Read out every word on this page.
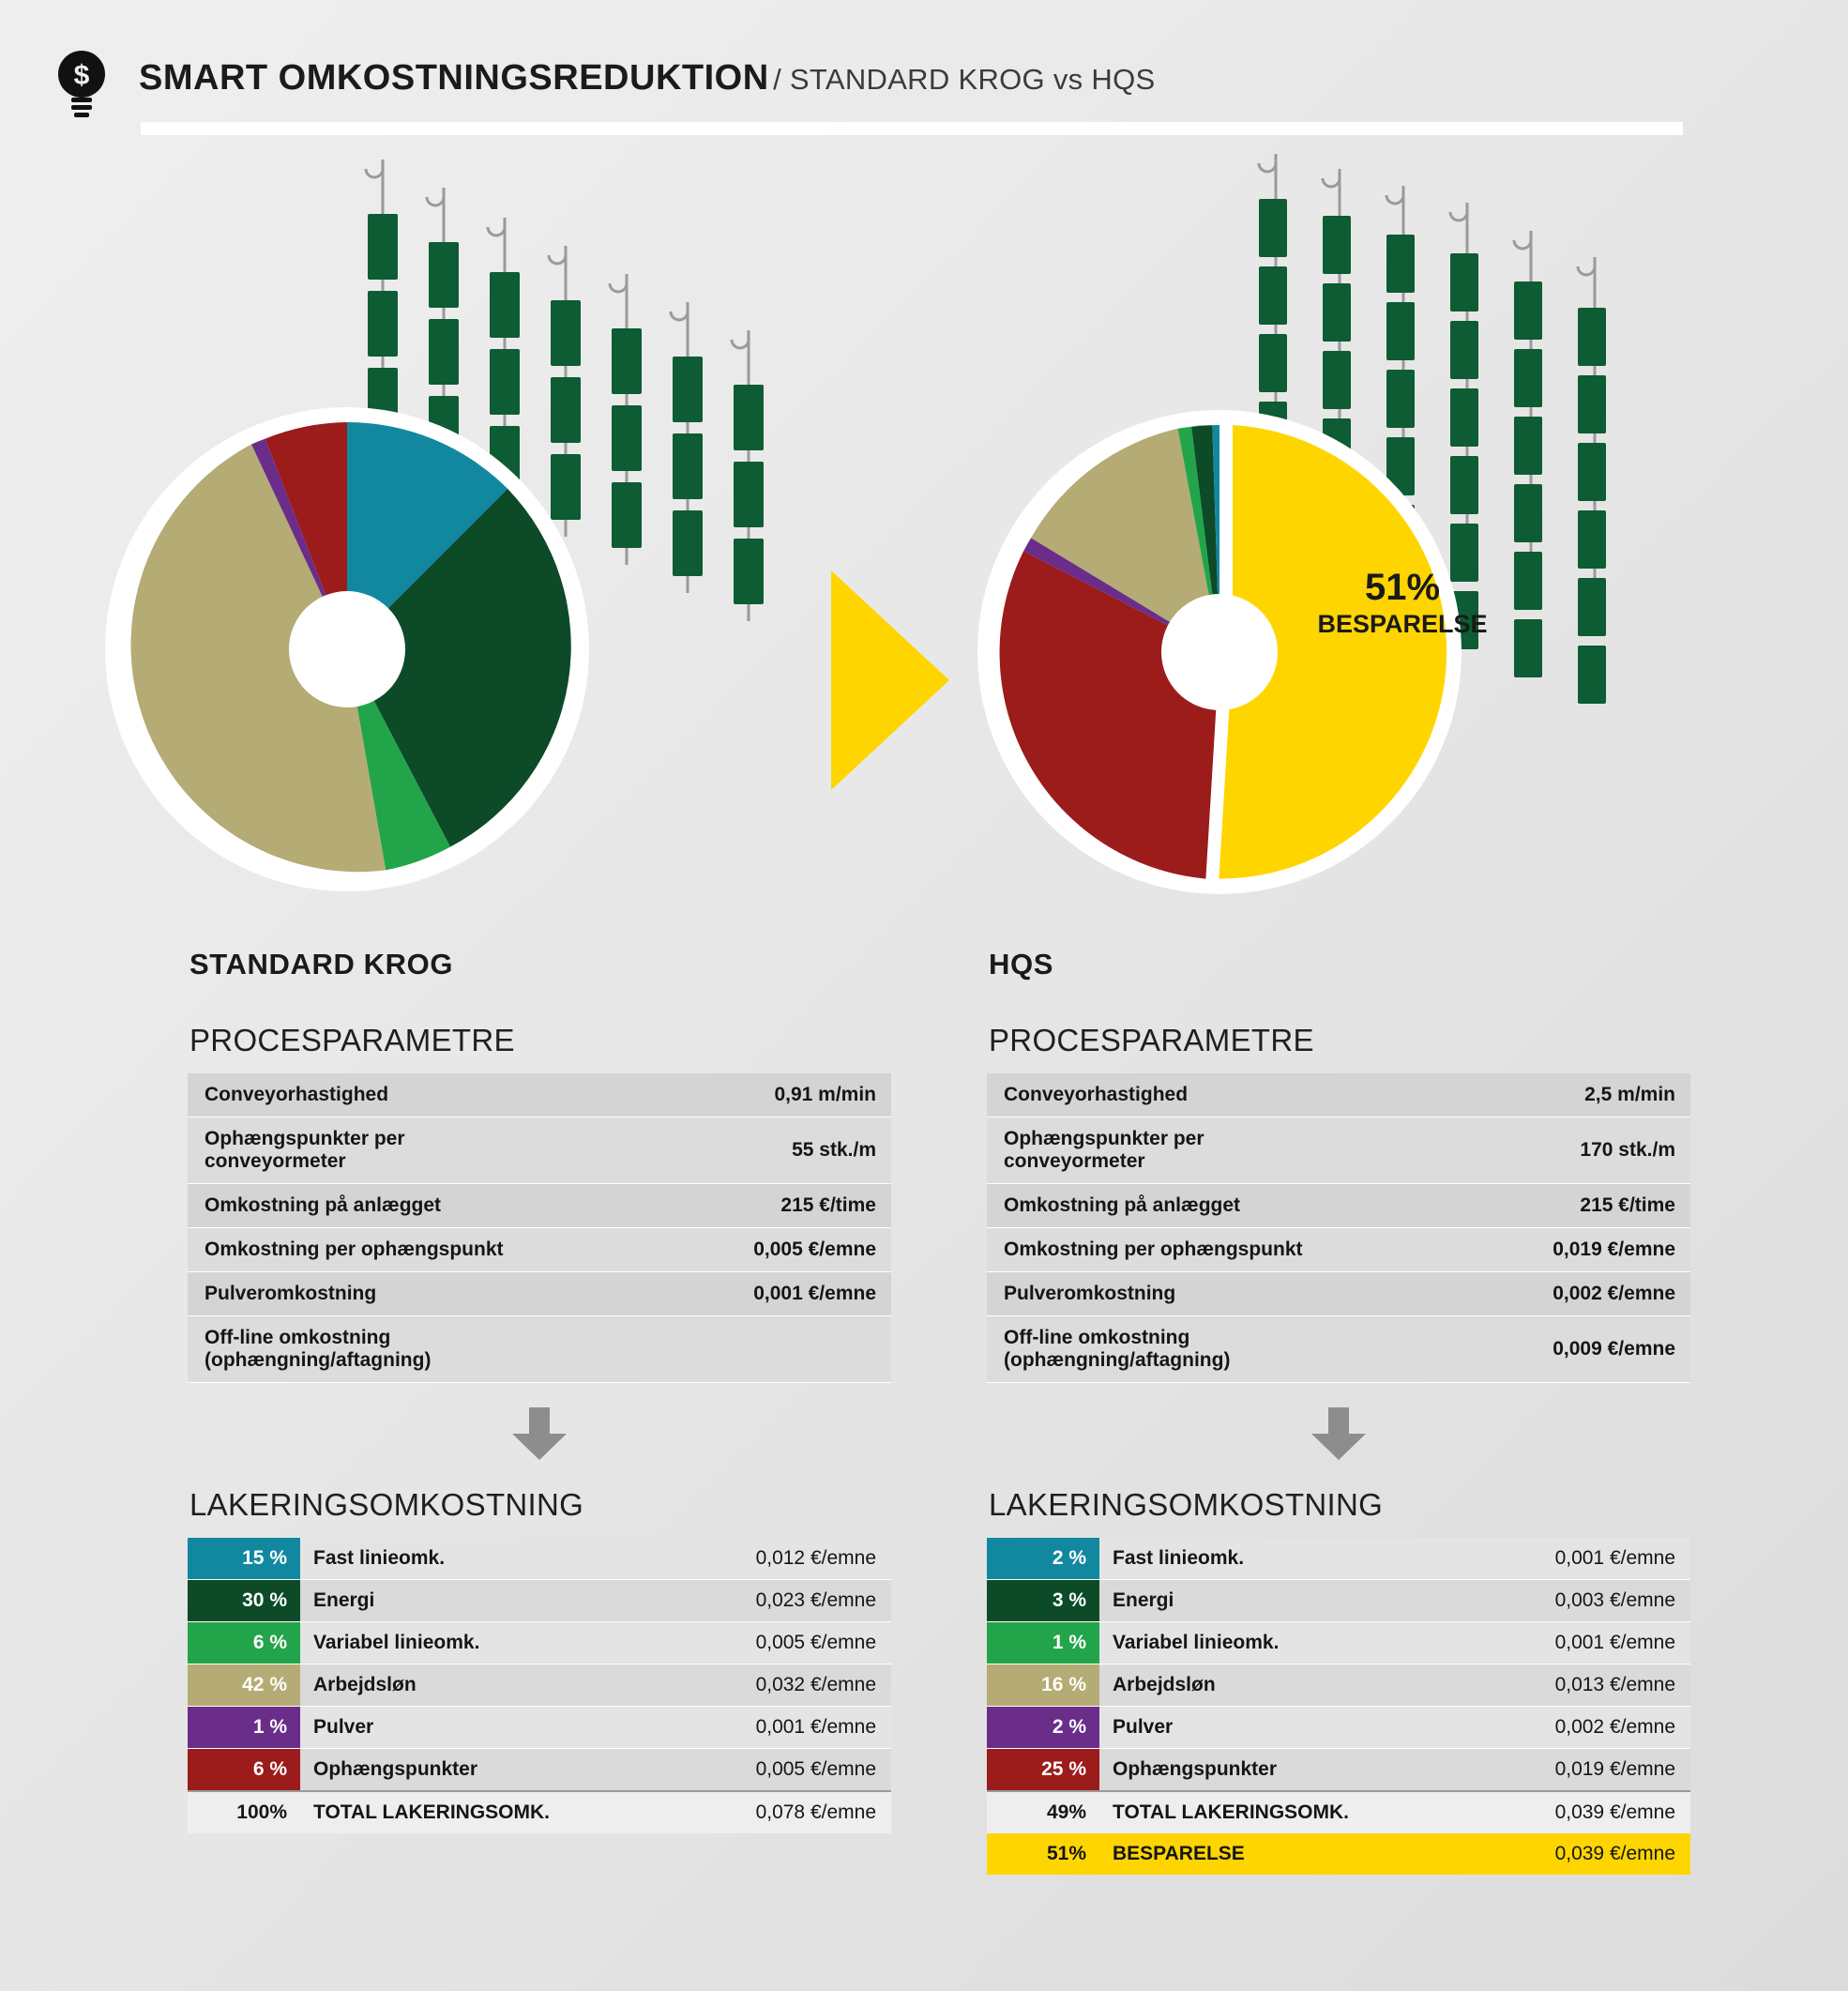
$ SMART OMKOSTNINGSREDUKTION / STANDARD KROG vs HQS
51%
BESPARELSE
STANDARD KROG
PROCESPARAMETRE
Conveyorhastighed	0,91 m/min
Ophængspunkter per conveyormeter	55 stk./m
Omkostning på anlægget	215 €/time
Omkostning per ophængspunkt	0,005 €/emne
Pulveromkostning	0,001 €/emne
Off-line omkostning (ophængning/aftagning)	
LAKERINGSOMKOSTNING
15 %	Fast linieomk.	0,012 €/emne
30 %	Energi	0,023 €/emne
6 %	Variabel linieomk.	0,005 €/emne
42 %	Arbejdsløn	0,032 €/emne
1 %	Pulver	0,001 €/emne
6 %	Ophængspunkter	0,005 €/emne
100%	TOTAL LAKERINGSOMK.	0,078 €/emne
HQS
PROCESPARAMETRE
Conveyorhastighed	2,5 m/min
Ophængspunkter per conveyormeter	170 stk./m
Omkostning på anlægget	215 €/time
Omkostning per ophængspunkt	0,019 €/emne
Pulveromkostning	0,002 €/emne
Off-line omkostning (ophængning/aftagning)	0,009 €/emne
LAKERINGSOMKOSTNING
2 %	Fast linieomk.	0,001 €/emne
3 %	Energi	0,003 €/emne
1 %	Variabel linieomk.	0,001 €/emne
16 %	Arbejdsløn	0,013 €/emne
2 %	Pulver	0,002 €/emne
25 %	Ophængspunkter	0,019 €/emne
49%	TOTAL LAKERINGSOMK.	0,039 €/emne
51%	BESPARELSE	0,039 €/emne
